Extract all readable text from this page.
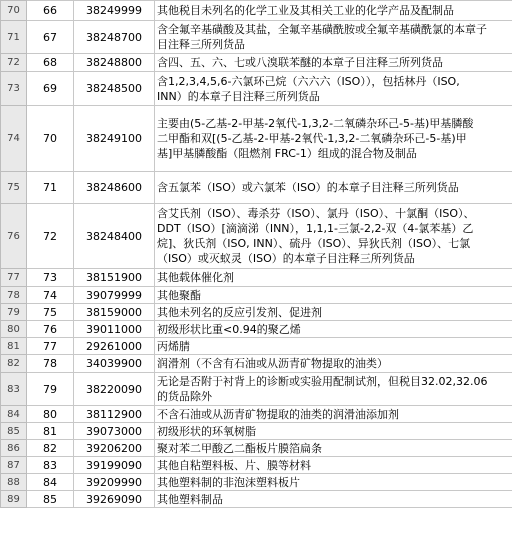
70	66	38249999	其他税目未列名的化学工业及其相关工业的化学产品及配制品

71	67	38248700	含全氟辛基磺酸及其盐，全氟辛基磺酰胺或全氟辛基磺酰氯的本章子
目注释三所列货品

72	68	38248800	含四、五、六、七或八溴联苯醚的本章子目注释三所列货品

73	69	38248500	含1,2,3,4,5,6-六氯环己烷（六六六（ISO）），包括林丹（ISO,
INN）的本章子目注释三所列货品

74	70	38249100	主要由(5-乙基-2-甲基-2氧代-1,3,2-二氧磷杂环己-5-基)甲基膦酸
二甲酯和双[(5-乙基-2-甲基-2氧代-1,3,2-二氧磷杂环己-5-基)甲
基]甲基膦酸酯（阻燃剂 FRC-1）组成的混合物及制品

75	71	38248600	含五氯苯（ISO）或六氯苯（ISO）的本章子目注释三所列货品

76	72	38248400	含艾氏剂（ISO）、毒杀芬（ISO）、氯丹（ISO）、十氯酮（ISO）、
DDT（ISO）[滴滴涕（INN），1,1,1-三氯-2,2-双（4-氯苯基）乙
烷]、狄氏剂（ISO, INN）、硫丹（ISO）、异狄氏剂（ISO）、七氯
（ISO）或灭蚁灵（ISO）的本章子目注释三所列货品

77	73	38151900	其他载体催化剂

78	74	39079999	其他聚酯

79	75	38159000	其他未列名的反应引发剂、促进剂

80	76	39011000	初级形状比重<0.94的聚乙烯

81	77	29261000	丙烯腈

82	78	34039900	润滑剂（不含有石油或从沥青矿物提取的油类）

83	79	38220090	无论是否附于衬背上的诊断或实验用配制试剂，但税目32.02,32.06
的货品除外

84	80	38112900	不含石油或从沥青矿物提取的油类的润滑油添加剂

85	81	39073000	初级形状的环氧树脂

86	82	39206200	聚对苯二甲酸乙二酯板片膜箔扁条

87	83	39199090	其他自粘塑料板、片、膜等材料

88	84	39209990	其他塑料制的非泡沫塑料板片

89	85	39269090	其他塑料制品
